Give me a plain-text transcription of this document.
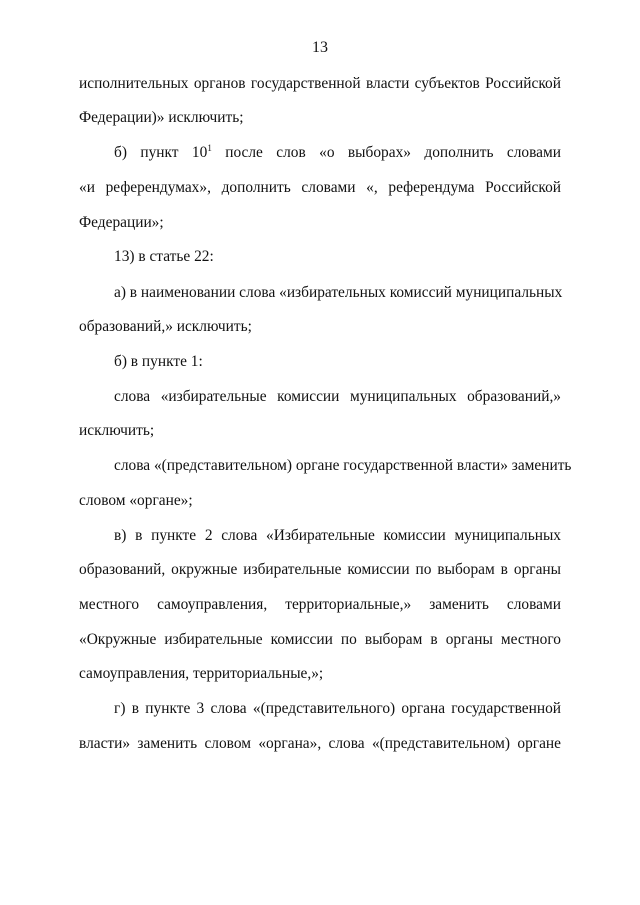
13
исполнительных органов государственной власти субъектов Российской
Федерации)» исключить;
б) пункт $10^1$ после слов «о выборах» дополнить словами
«и референдумах», дополнить словами «, референдума Российской
Федерации»;
13) в статье 22:
а) в наименовании слова «избирательных комиссий муниципальных
образований,» исключить;
б) в пункте 1:
слова «избирательные комиссии муниципальных образований,»
исключить;
слова «(представительном) органе государственной власти» заменить
словом «органе»;
в) в пункте 2 слова «Избирательные комиссии муниципальных
образований, окружные избирательные комиссии по выборам в органы
местного самоуправления, территориальные,» заменить словами
«Окружные избирательные комиссии по выборам в органы местного
самоуправления, территориальные,»;
г) в пункте 3 слова «(представительного) органа государственной
власти» заменить словом «органа», слова «(представительном) органе
